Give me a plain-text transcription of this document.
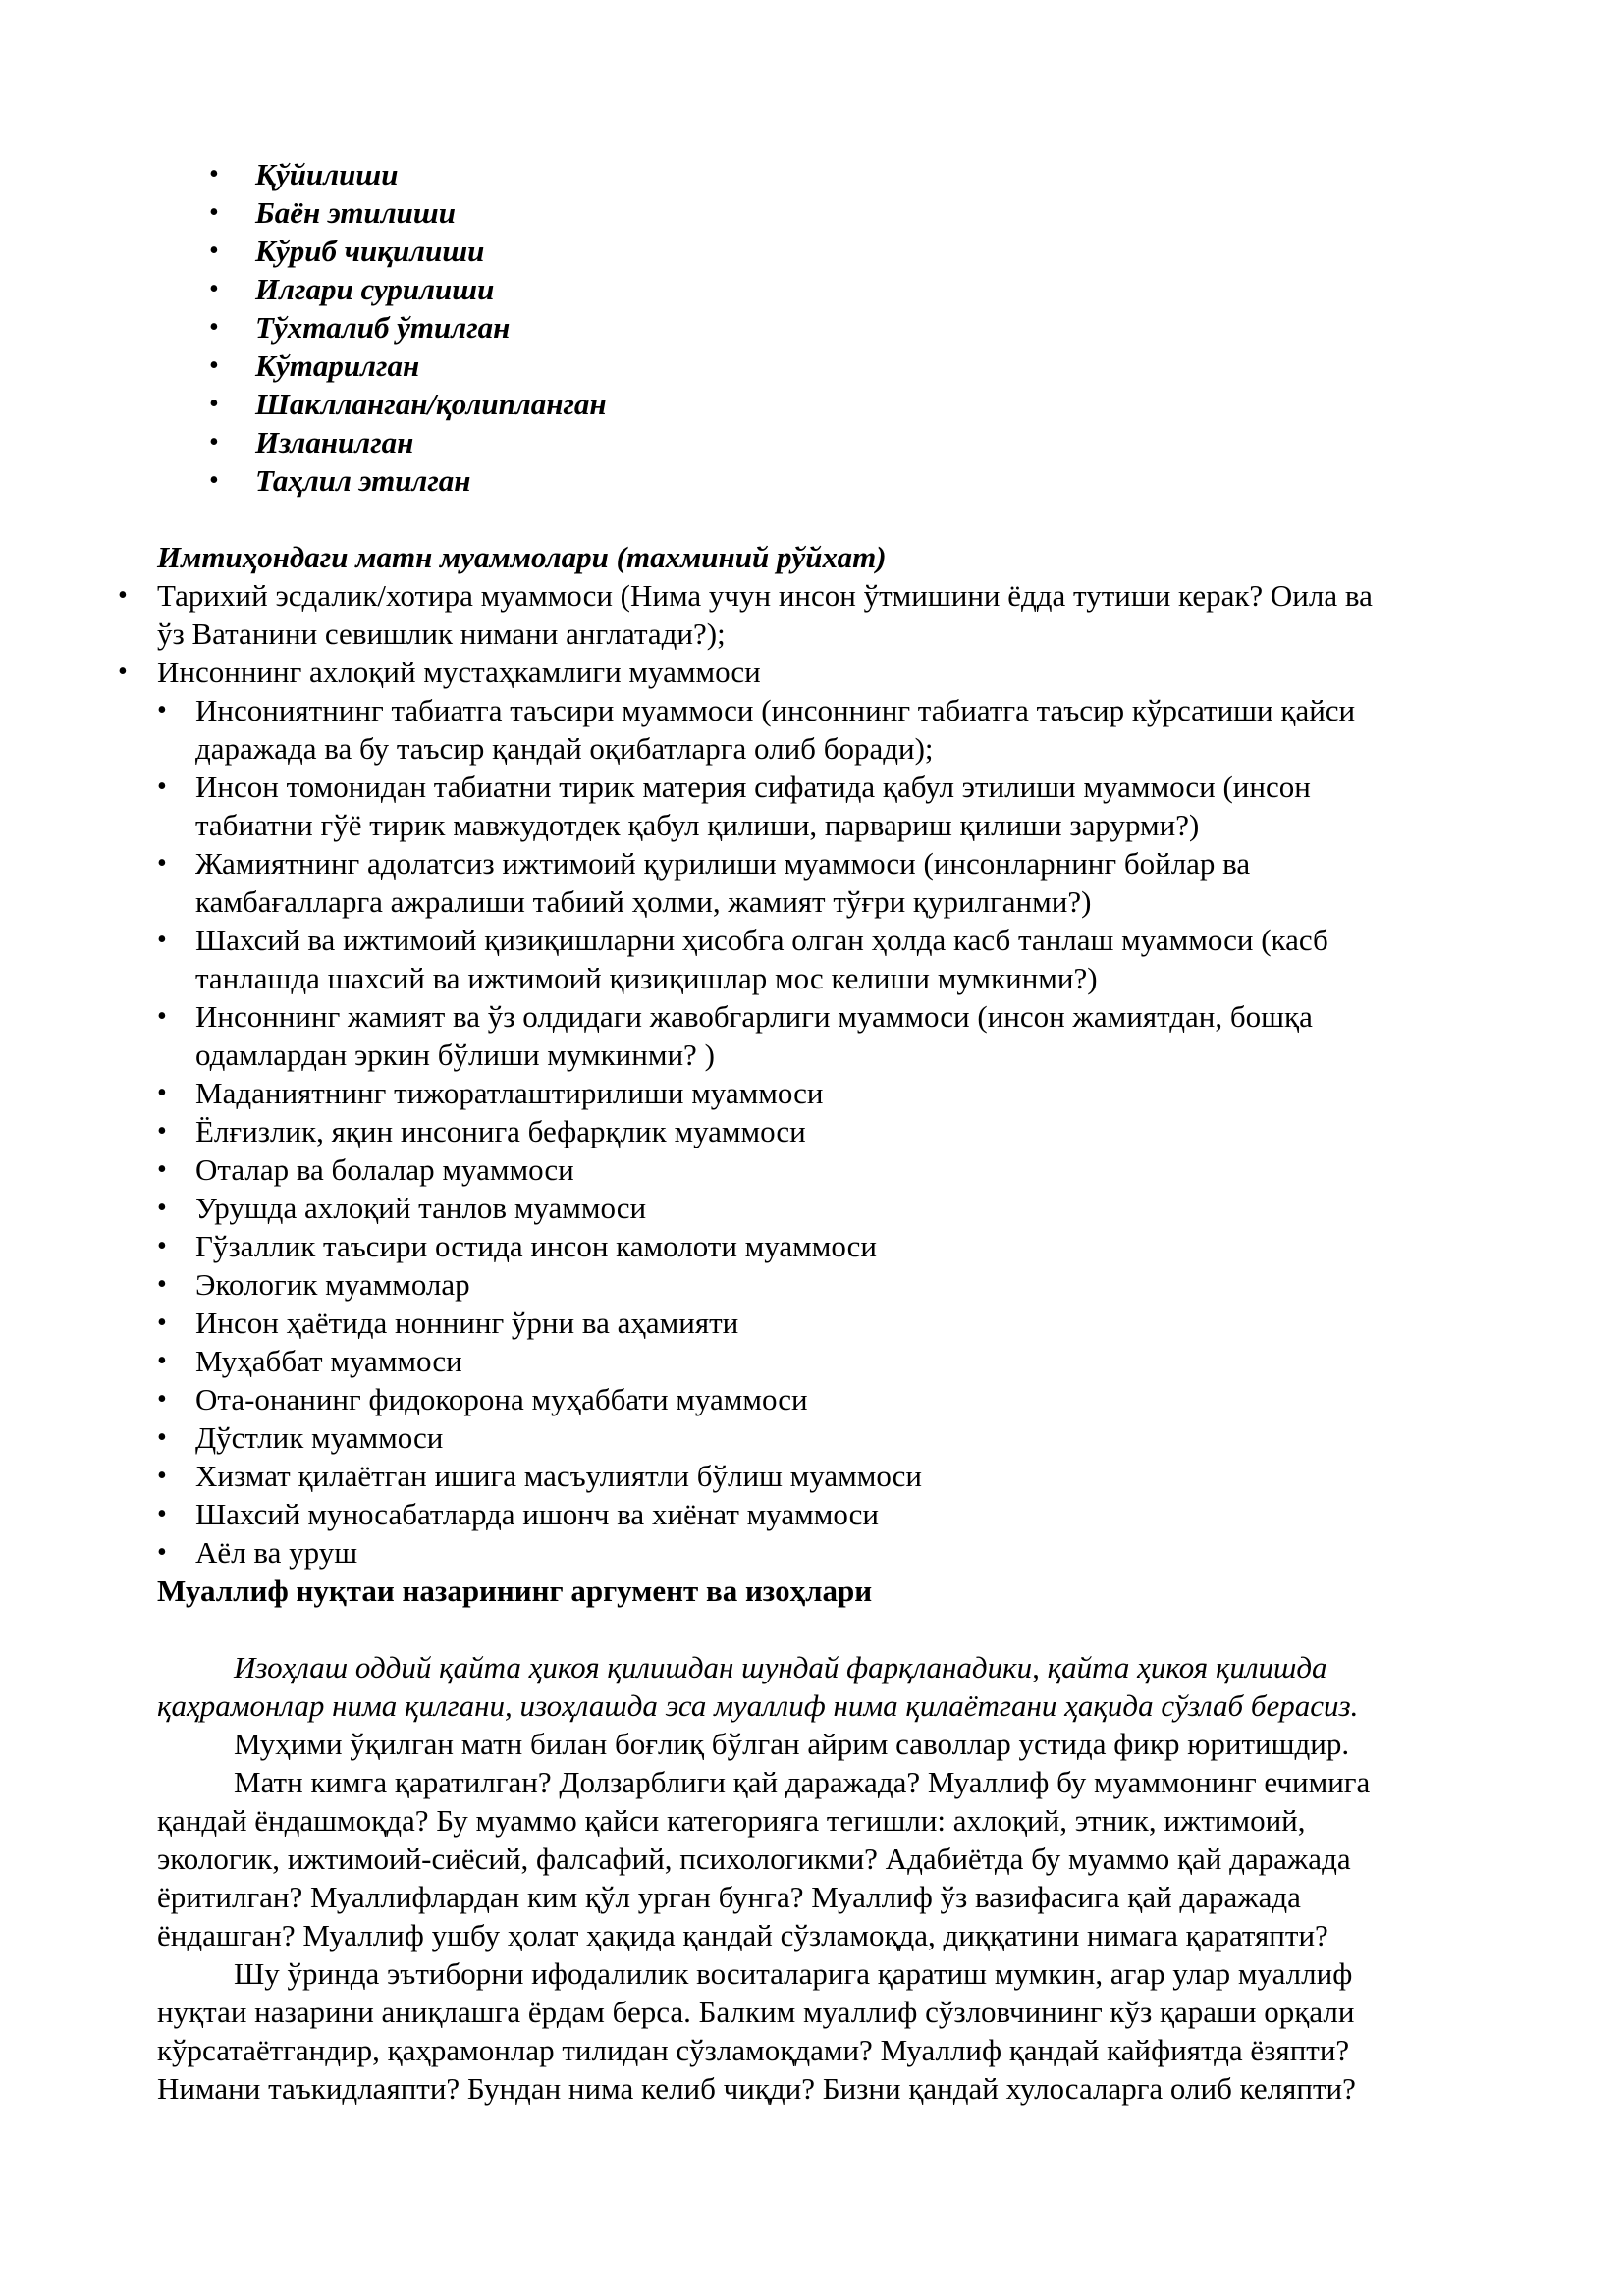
• Қўйилиши
• Баён этилиши
• Кўриб чиқилиши
• Илгари сурилиши
• Тўхталиб ўтилган
• Кўтарилган
• Шаклланган/қолипланган
• Изланилган
• Таҳлил этилган
Имтиҳондаги матн муаммолари (тахминий рўйхат)
• Тарихий эсдалик/хотира муаммоси (Нима учун инсон ўтмишини ёдда тутиши керак? Оила ва
ўз Ватанини севишлик нимани англатади?);
• Инсоннинг ахлоқий мустаҳкамлиги муаммоси
• Инсониятнинг табиатга таъсири муаммоси (инсоннинг табиатга таъсир кўрсатиши қайси
даражада ва бу таъсир қандай оқибатларга олиб боради);
• Инсон томонидан табиатни тирик материя сифатида қабул этилиши муаммоси (инсон
табиатни гўё тирик мавжудотдек қабул қилиши, парвариш қилиши зарурми?)
• Жамиятнинг адолатсиз ижтимоий қурилиши муаммоси (инсонларнинг бойлар ва
камбағалларга ажралиши табиий ҳолми, жамият тўғри қурилганми?)
• Шахсий ва ижтимоий қизиқишларни ҳисобга олган ҳолда касб танлаш муаммоси (касб
танлашда шахсий ва ижтимоий қизиқишлар мос келиши мумкинми?)
• Инсоннинг жамият ва ўз олдидаги жавобгарлиги муаммоси (инсон жамиятдан, бошқа
одамлардан эркин бўлиши мумкинми? )
• Маданиятнинг тижоратлаштирилиши муаммоси
• Ёлғизлик, яқин инсонига бефарқлик муаммоси
• Оталар ва болалар муаммоси
• Урушда ахлоқий танлов муаммоси
• Гўзаллик таъсири остида инсон камолоти муаммоси
• Экологик муаммолар
• Инсон ҳаётида ноннинг ўрни ва аҳамияти
• Муҳаббат муаммоси
• Ота-онанинг фидокорона муҳаббати муаммоси
• Дўстлик муаммоси
• Хизмат қилаётган ишига масъулиятли бўлиш муаммоси
• Шахсий муносабатларда ишонч ва хиёнат муаммоси
• Аёл ва уруш
Муаллиф нуқтаи назарининг аргумент ва изоҳлари
Изоҳлаш оддий қайта ҳикоя қилишдан шундай фарқланадики, қайта ҳикоя қилишда
қаҳрамонлар нима қилгани, изоҳлашда эса муаллиф нима қилаётгани ҳақида сўзлаб берасиз.
Муҳими ўқилган матн билан боғлиқ бўлган айрим саволлар устида фикр юритишдир.
Матн кимга қаратилган? Долзарблиги қай даражада? Муаллиф бу муаммонинг ечимига
қандай ёндашмоқда? Бу муаммо қайси категорияга тегишли: ахлоқий, этник, ижтимоий,
экологик, ижтимоий-сиёсий, фалсафий, психологикми? Адабиётда бу муаммо қай даражада
ёритилган? Муаллифлардан ким қўл урган бунга? Муаллиф ўз вазифасига қай даражада
ёндашган? Муаллиф ушбу ҳолат ҳақида қандай сўзламоқда, диққатини нимага қаратяпти?
Шу ўринда эътиборни ифодалилик воситаларига қаратиш мумкин, агар улар муаллиф
нуқтаи назарини аниқлашга ёрдам берса. Балким муаллиф сўзловчининг кўз қараши орқали
кўрсатаётгандир, қаҳрамонлар тилидан сўзламоқдами? Муаллиф қандай кайфиятда ёзяпти?
Нимани таъкидлаяпти? Бундан нима келиб чиқди? Бизни қандай хулосаларга олиб келяпти?
